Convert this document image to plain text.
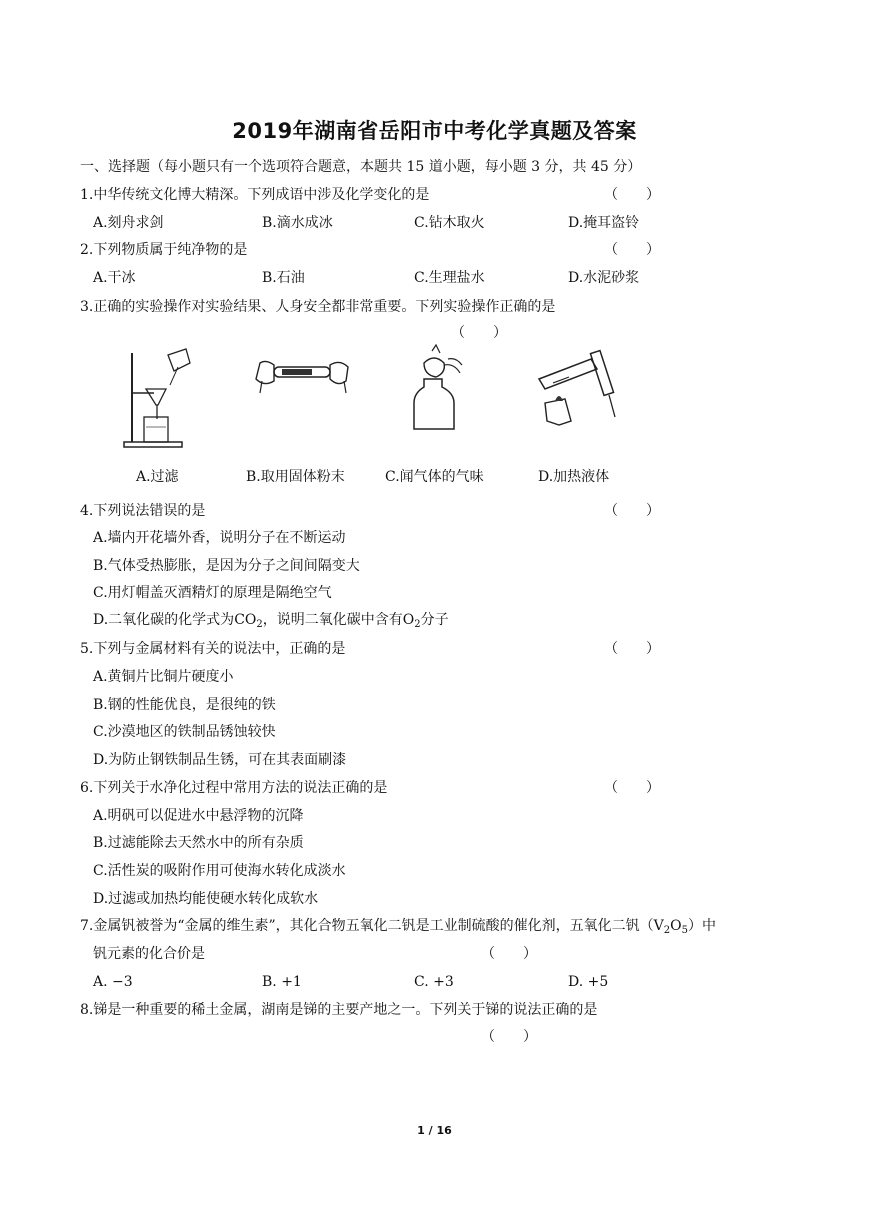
2019年湖南省岳阳市中考化学真题及答案
一、选择题（每小题只有一个选项符合题意，本题共 15 道小题，每小题 3 分，共 45 分）
1.中华传统文化博大精深。下列成语中涉及化学变化的是	（　　）
A.刻舟求剑	B.滴水成冰	C.钻木取火	D.掩耳盗铃
2.下列物质属于纯净物的是	（　　）
A.干冰	B.石油	C.生理盐水	D.水泥砂浆
3.正确的实验操作对实验结果、人身安全都非常重要。下列实验操作正确的是
（　　）
A.过滤	B.取用固体粉末	C.闻气体的气味	D.加热液体
4.下列说法错误的是	（　　）
A.墙内开花墙外香，说明分子在不断运动
B.气体受热膨胀，是因为分子之间间隔变大
C.用灯帽盖灭酒精灯的原理是隔绝空气
D.二氧化碳的化学式为$CO_2$，说明二氧化碳中含有$O_2$分子
5.下列与金属材料有关的说法中，正确的是	（　　）
A.黄铜片比铜片硬度小
B.钢的性能优良，是很纯的铁
C.沙漠地区的铁制品锈蚀较快
D.为防止钢铁制品生锈，可在其表面刷漆
6.下列关于水净化过程中常用方法的说法正确的是	（　　）
A.明矾可以促进水中悬浮物的沉降
B.过滤能除去天然水中的所有杂质
C.活性炭的吸附作用可使海水转化成淡水
D.过滤或加热均能使硬水转化成软水
7.金属钒被誉为“金属的维生素”，其化合物五氧化二钒是工业制硫酸的催化剂，五氧化二钒$(V_2O_5)$中
钒元素的化合价是	（　　）
A. −3	B. +1	C. +3	D. +5
8.锑是一种重要的稀土金属，湖南是锑的主要产地之一。下列关于锑的说法正确的是
（　　）
1 / 16
